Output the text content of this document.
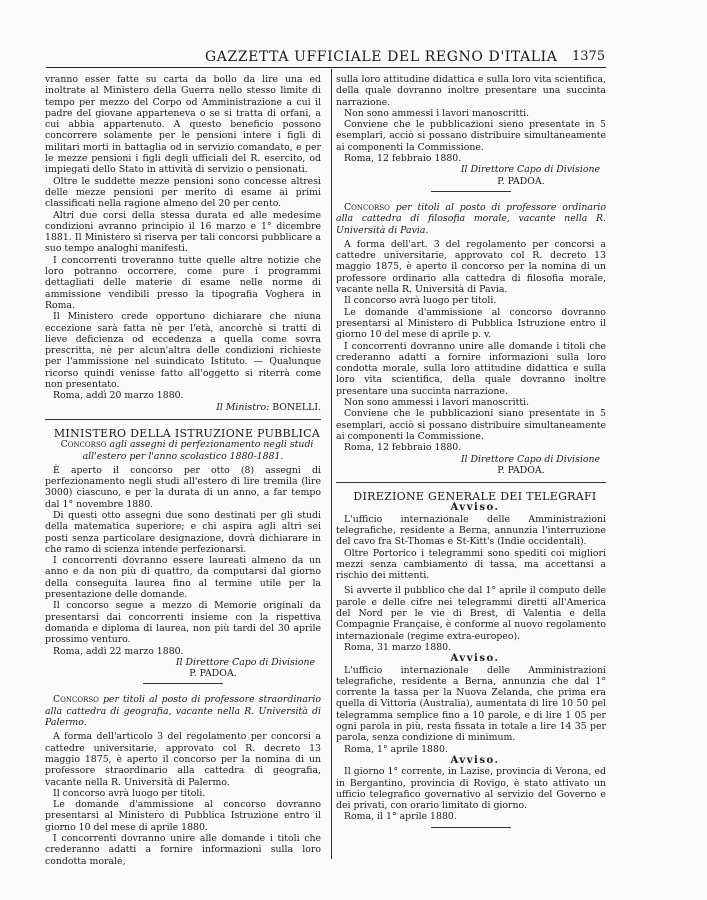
GAZZETTA UFFICIALE DEL REGNO D'ITALIA 1375

vranno esser fatte su carta da bollo da lire una ed inoltrate al Ministero della Guerra nello stesso limite di tempo per mezzo del Corpo od Amministrazione a cui il padre del giovane apparteneva o se si tratta di orfani, a cui abbia appartenuto. A questo beneficio possono concorrere solamente per le pensioni intere i figli di militari morti in battaglia od in servizio comandato, e per le mezze pensioni i figli degli ufficiali del R. esercito, od impiegati dello Stato in attività di servizio o pensionati.

Oltre le suddette mezze pensioni sono concesse altresì delle mezze pensioni per merito di esame ai primi classificati nella ragione almeno del 20 per cento.

Altri due corsi della stessa durata ed alle medesime condizioni avranno principio il 16 marzo e 1° dicembre 1881. Il Ministero si riserva per tali concorsi pubblicare a suo tempo analoghi manifesti.

I concorrenti troveranno tutte quelle altre notizie che loro potranno occorrere, come pure i programmi dettagliati delle materie di esame nelle norme di ammissione vendibili presso la tipografia Voghera in Roma.

Il Ministero crede opportuno dichiarare che niuna eccezione sarà fatta nè per l'età, ancorchè si tratti di lieve deficienza od eccedenza a quella come sovra prescritta, nè per alcun'altra delle condizioni richieste per l'ammissione nel suindicato Istituto. — Qualunque ricorso quindi venisse fatto all'oggetto si riterrà come non presentato.

Roma, addì 20 marzo 1880.

Il Ministro: BONELLI.

MINISTERO DELLA ISTRUZIONE PUBBLICA

Concorso agli assegni di perfezionamento negli studi all'estero per l'anno scolastico 1880-1881.

È aperto il concorso per otto (8) assegni di perfezionamento negli studi all'estero di lire tremila (lire 3000) ciascuno, e per la durata di un anno, a far tempo dal 1° novembre 1880.

Di questi otto assegni due sono destinati per gli studi della matematica superiore; e chi aspira agli altri sei posti senza particolare designazione, dovrà dichiarare in che ramo di scienza intende perfezionarsi.

I concorrenti dovranno essere laureati almeno da un anno e da non più di quattro, da computarsi dal giorno della conseguita laurea fino al termine utile per la presentazione delle domande.

Il concorso segue a mezzo di Memorie originali da presentarsi dai concorrenti insieme con la rispettiva domanda e diploma di laurea, non più tardi del 30 aprile prossimo venturo.

Roma, addì 22 marzo 1880.

Il Direttore Capo di Divisione

P. PADOA.

Concorso per titoli al posto di professore straordinario alla cattedra di geografia, vacante nella R. Università di Palermo.

A forma dell'articolo 3 del regolamento per concorsi a cattedre universitarie, approvato col R. decreto 13 maggio 1875, è aperto il concorso per la nomina di un professore straordinario alla cattedra di geografia, vacante nella R. Università di Palermo.

Il concorso avrà luogo per titoli.

Le domande d'ammissione al concorso dovranno presentarsi al Ministero di Pubblica Istruzione entro il giorno 10 del mese di aprile 1880.

I concorrenti dovranno unire alle domande i titoli che crederanno adatti a fornire informazioni sulla loro condotta morale,

sulla loro attitudine didattica e sulla loro vita scientifica, della quale dovranno inoltre presentare una succinta narrazione.

Non sono ammessi i lavori manoscritti.

Conviene che le pubblicazioni sieno presentate in 5 esemplari, acciò si possano distribuire simultaneamente ai componenti la Commissione.

Roma, 12 febbraio 1880.

Il Direttore Capo di Divisione

P. PADOA.

Concorso per titoli al posto di professore ordinario alla cattedra di filosofia morale, vacante nella R. Università di Pavia.

A forma dell'art. 3 del regolamento per concorsi a cattedre universitarie, approvato col R. decreto 13 maggio 1875, è aperto il concorso per la nomina di un professore ordinario alla cattedra di filosofia morale, vacante nella R. Università di Pavia.

Il concorso avrà luogo per titoli.

Le domande d'ammissione al concorso dovranno presentarsi al Ministero di Pubblica Istruzione entro il giorno 10 del mese di aprile p. v.

I concorrenti dovranno unire alle domande i titoli che crederanno adatti a fornire informazioni sulla loro condotta morale, sulla loro attitudine didattica e sulla loro vita scientifica, della quale dovranno inoltre presentare una succinta narrazione.

Non sono ammessi i lavori manoscritti.

Conviene che le pubblicazioni siano presentate in 5 esemplari, acciò si possano distribuire simultaneamente ai componenti la Commissione.

Roma, 12 febbraio 1880.

Il Direttore Capo di Divisione

P. PADOA.

DIREZIONE GENERALE DEI TELEGRAFI

Avviso.

L'ufficio internazionale delle Amministrazioni telegrafiche, residente a Berna, annunzia l'interruzione del cavo fra St-Thomas e St-Kitt's (Indie occidentali).

Oltre Portorico i telegrammi sono spediti coi migliori mezzi senza cambiamento di tassa, ma accettansi a rischio dei mittenti.

Si avverte il pubblico che dal 1° aprile il computo delle parole e delle cifre nei telegrammi diretti all'America del Nord per le vie di Brest, di Valentia e della Compagnie Française, è conforme al nuovo regolamento internazionale (regime extra-europeo).

Roma, 31 marzo 1880.

Avviso.

L'ufficio internazionale delle Amministrazioni telegrafiche, residente a Berna, annunzia che dal 1° corrente la tassa per la Nuova Zelanda, che prima era quella di Vittoria (Australia), aumentata di lire 10 50 pel telegramma semplice fino a 10 parole, e di lire 1 05 per ogni parola in più, resta fissata in totale a lire 14 35 per parola, senza condizione di minimum.

Roma, 1° aprile 1880.

Avviso.

Il giorno 1° corrente, in Lazise, provincia di Verona, ed in Bergantino, provincia di Rovigo, è stato attivato un ufficio telegrafico governativo al servizio del Governo e dei privati, con orario limitato di giorno.

Roma, il 1° aprile 1880.
